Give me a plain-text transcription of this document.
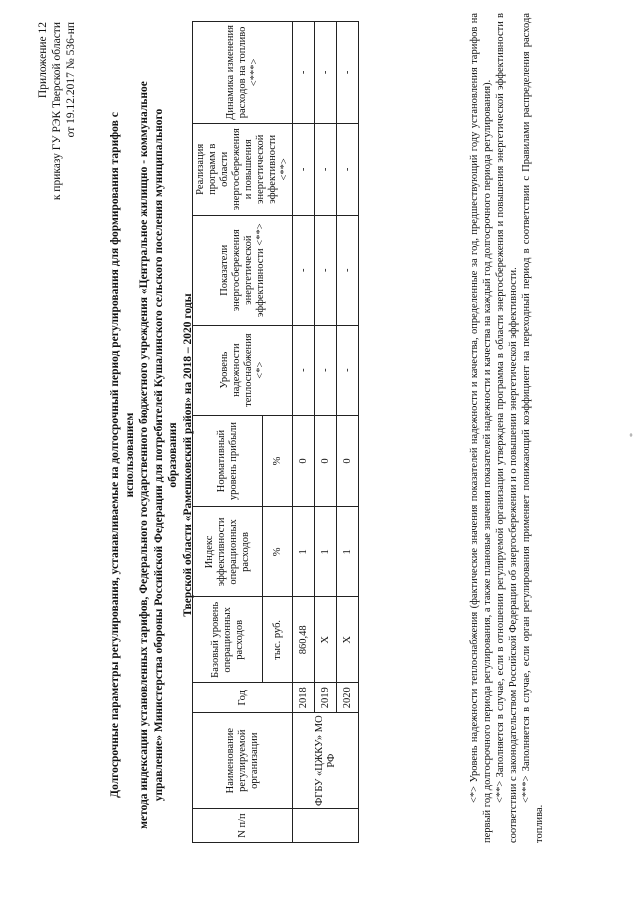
Приложение 12 к приказу ГУ РЭК Тверской области от 19.12.2017 № 536-нп
Долгосрочные параметры регулирования, устанавливаемые на долгосрочный период регулирования для формирования тарифов с использованием метода индексации установленных тарифов, Федерального государственного бюджетного учреждения «Центральное жилищно - коммунальное управление» Министерства обороны Российской Федерации для потребителей Кушалинского сельского поселения муниципального образования Тверской области «Рамешковский район» на 2018 – 2020 годы
N п/п	Наименование регулируемой организации	Год	Базовый уровень операционных расходов	Индекс эффективности операционных расходов	Нормативный уровень прибыли	Уровень надежности теплоснабжения <*>	Показатели энергосбережения энергетической эффективности <**>	Реализация программ в области энергосбережения и повышения энергетической эффективности <**>	Динамика изменения расходов на топливо <***>
			тыс. руб.	%	%				
	ФГБУ «ЦЖКУ» МО РФ	2018	860,48	1	0	-	-	-	-
		2019	Х	1	0	-	-	-	-
		2020	Х	1	0	-	-	-	-	<*> Уровень надежности теплоснабжения (фактические значения показателей надежности и качества, определенные за год, предшествующий году установления тарифов на первый год долгосрочного периода регулирования, а также плановые значения показателей надежности и качества на каждый год долгосрочного периода регулирования). <**> Заполняется в случае, если в отношении регулируемой организации утверждена программа в области энергосбережения и повышения энергетической эффективности в соответствии с законодательством Российской Федерации об энергосбережении и о повышении энергетической эффективности. <***> Заполняется в случае, если орган регулирования применяет понижающий коэффициент на переходный период в соответствии с Правилами распределения расхода топлива.

*
